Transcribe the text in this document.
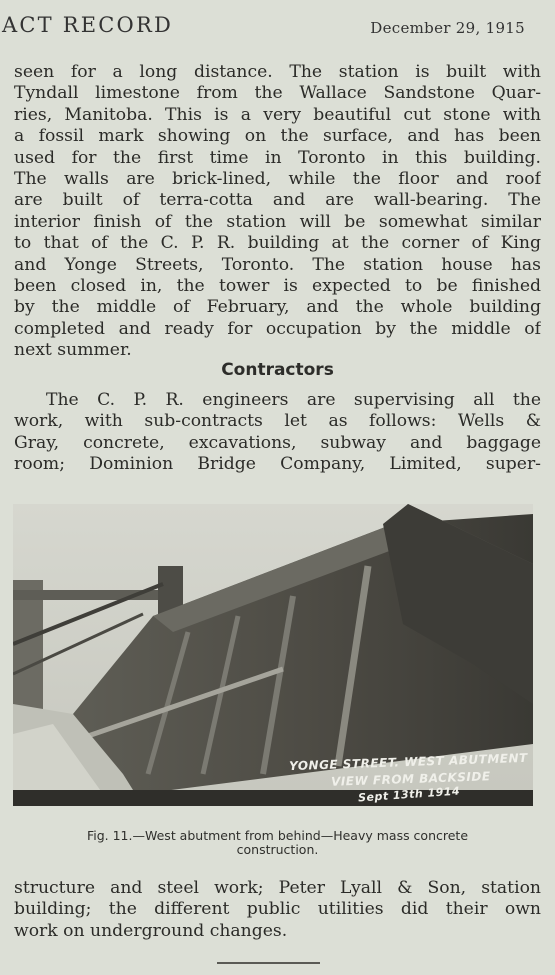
ACT RECORD	December 29, 1915
seen for a long distance. The station is built with
Tyndall limestone from the Wallace Sandstone Quar-
ries, Manitoba. This is a very beautiful cut stone with
a fossil mark showing on the surface, and has been
used for the first time in Toronto in this building.
The walls are brick-lined, while the floor and roof
are built of terra-cotta and are wall-bearing. The
interior finish of the station will be somewhat similar
to that of the C. P. R. building at the corner of King
and Yonge Streets, Toronto. The station house has
been closed in, the tower is expected to be finished
by the middle of February, and the whole building
completed and ready for occupation by the middle of
next summer.
Contractors
The C. P. R. engineers are supervising all the
work, with sub-contracts let as follows: Wells &
Gray, concrete, excavations, subway and baggage
room; Dominion Bridge Company, Limited, super-
YONGE STREET. WEST ABUTMENT
VIEW FROM BACKSIDE
Sept 13th 1914
Fig. 11.—West abutment from behind—Heavy mass concrete
construction.
structure and steel work; Peter Lyall & Son, station
building; the different public utilities did their own
work on underground changes.
